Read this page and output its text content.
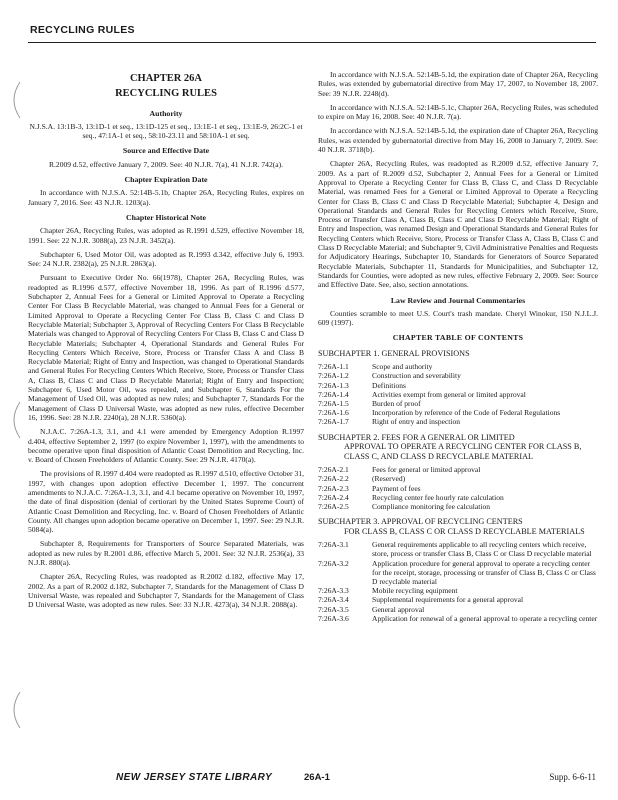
RECYCLING RULES
CHAPTER 26A
RECYCLING RULES
Authority

N.J.S.A. 13:1B-3, 13:1D-1 et seq., 13:1D-125 et seq., 13:1E-1 et seq., 13:1E-9, 26:2C-1 et seq., 47:1A-1 et seq., 58:10-23.11 and 58:10A-1 et seq.

Source and Effective Date

R.2009 d.52, effective January 7, 2009. See: 40 N.J.R. 7(a), 41 N.J.R. 742(a).

Chapter Expiration Date

In accordance with N.J.S.A. 52:14B-5.1b, Chapter 26A, Recycling Rules, expires on January 7, 2016. See: 43 N.J.R. 1203(a).

Chapter Historical Note

Chapter 26A, Recycling Rules, was adopted as R.1991 d.529, effective November 18, 1991. See: 22 N.J.R. 3088(a), 23 N.J.R. 3452(a).

Subchapter 6, Used Motor Oil, was adopted as R.1993 d.342, effective July 6, 1993. See: 24 N.J.R. 2382(a), 25 N.J.R. 2863(a).

Pursuant to Executive Order No. 66(1978), Chapter 26A, Recycling Rules, was readopted as R.1996 d.577, effective November 18, 1996. As part of R.1996 d.577, Subchapter 2, Annual Fees for a General or Limited Approval to Operate a Recycling Center For Class B Recyclable Material, was changed to Annual Fees for a General or Limited Approval to Operate a Recycling Center For Class B, Class C and Class D Recyclable Material; Subchapter 3, Approval of Recycling Centers For Class B Recyclable Materials was changed to Approval of Recycling Centers For Class B, Class C and Class D Recyclable Materials; Subchapter 4, Operational Standards and General Rules For Recycling Centers Which Receive, Store, Process or Transfer Class A and Class B Recyclable Material; Right of Entry and Inspection, was changed to Operational Standards and General Rules For Recycling Centers Which Receive, Store, Process or Transfer Class A, Class B, Class C and Class D Recyclable Material; Right of Entry and Inspection; Subchapter 6, Used Motor Oil, was repealed, and Subchapter 6, Standards For the Management of Used Oil, was adopted as new rules; and Subchapter 7, Standards For the Management of Class D Universal Waste, was adopted as new rules, effective December 16, 1996. See: 28 N.J.R. 2240(a), 28 N.J.R. 5360(a).

N.J.A.C. 7:26A-1.3, 3.1, and 4.1 were amended by Emergency Adoption R.1997 d.404, effective September 2, 1997 (to expire November 1, 1997), with the amendments to become operative upon final disposition of Atlantic Coast Demolition and Recycling, Inc. v. Board of Chosen Freeholders of Atlantic County. See: 29 N.J.R. 4170(a).

The provisions of R.1997 d.404 were readopted as R.1997 d.510, effective October 31, 1997, with changes upon adoption effective December 1, 1997. The concurrent amendments to N.J.A.C. 7:26A-1.3, 3.1, and 4.1 became operative on November 10, 1997, the date of final disposition (denial of certiorari by the United States Supreme Court) of Atlantic Coast Demolition and Recycling, Inc. v. Board of Chosen Freeholders of Atlantic County. All changes upon adoption became operative on December 1, 1997. See: 29 N.J.R. 5084(a).

Subchapter 8, Requirements for Transporters of Source Separated Materials, was adopted as new rules by R.2001 d.86, effective March 5, 2001. See: 32 N.J.R. 2536(a), 33 N.J.R. 880(a).

Chapter 26A, Recycling Rules, was readopted as R.2002 d.182, effective May 17, 2002. As a part of R.2002 d.182, Subchapter 7, Standards for the Management of Class D Universal Waste, was repealed and Subchapter 7, Standards for the Management of Class D Universal Waste, was adopted as new rules. See: 33 N.J.R. 4273(a), 34 N.J.R. 2088(a).

In accordance with N.J.S.A. 52:14B-5.1d, the expiration date of Chapter 26A, Recycling Rules, was extended by gubernatorial directive from May 17, 2007, to November 18, 2007. See: 39 N.J.R. 2248(d).

In accordance with N.J.S.A. 52:14B-5.1c, Chapter 26A, Recycling Rules, was scheduled to expire on May 16, 2008. See: 40 N.J.R. 7(a).

In accordance with N.J.S.A. 52:14B-5.1d, the expiration date of Chapter 26A, Recycling Rules, was extended by gubernatorial directive from May 16, 2008 to January 7, 2009. See: 40 N.J.R. 3718(b).

Chapter 26A, Recycling Rules, was readopted as R.2009 d.52, effective January 7, 2009. As a part of R.2009 d.52, Subchapter 2, Annual Fees for a General or Limited Approval to Operate a Recycling Center for Class B, Class C, and Class D Recyclable Material, was renamed Fees for a General or Limited Approval to Operate a Recycling Center for Class B, Class C and Class D Recyclable Material; Subchapter 4, Design and Operational Standards and General Rules for Recycling Centers which Receive, Store, Process or Transfer Class A, Class B, Class C and Class D Recyclable Material; Right of Entry and Inspection, was renamed Design and Operational Standards and General Rules for Recycling Centers which Receive, Store, Process or Transfer Class A, Class B, Class C and Class D Recyclable Material; and Subchapter 9, Civil Administrative Penalties and Requests for Adjudicatory Hearings, Subchapter 10, Standards for Generators of Source Separated Recyclable Materials, Subchapter 11, Standards for Municipalities, and Subchapter 12, Standards for Counties, were adopted as new rules, effective February 2, 2009. See: Source and Effective Date. See, also, section annotations.

Law Review and Journal Commentaries

Counties scramble to meet U.S. Court's trash mandate. Cheryl Winokur, 150 N.J.L.J. 609 (1997).

CHAPTER TABLE OF CONTENTS
SUBCHAPTER 1. GENERAL PROVISIONS
7:26A-1.1	Scope and authority
7:26A-1.2	Construction and severability
7:26A-1.3	Definitions
7:26A-1.4	Activities exempt from general or limited approval
7:26A-1.5	Burden of proof
7:26A-1.6	Incorporation by reference of the Code of Federal Regulations
7:26A-1.7	Right of entry and inspection
SUBCHAPTER 2. FEES FOR A GENERAL OR LIMITED
APPROVAL TO OPERATE A RECYCLING CENTER FOR CLASS B, CLASS C, AND CLASS D RECYCLABLE MATERIAL
7:26A-2.1	Fees for general or limited approval
7:26A-2.2	(Reserved)
7:26A-2.3	Payment of fees
7:26A-2.4	Recycling center fee hourly rate calculation
7:26A-2.5	Compliance monitoring fee calculation
SUBCHAPTER 3. APPROVAL OF RECYCLING CENTERS
FOR CLASS B, CLASS C OR CLASS D RECYCLABLE MATERIALS
7:26A-3.1	General requirements applicable to all recycling centers which receive, store, process or transfer Class B, Class C or Class D recyclable material
7:26A-3.2	Application procedure for general approval to operate a recycling center for the receipt, storage, processing or transfer of Class B, Class C or Class D recyclable material
7:26A-3.3	Mobile recycling equipment
7:26A-3.4	Supplemental requirements for a general approval
7:26A-3.5	General approval
7:26A-3.6	Application for renewal of a general approval to operate a recycling center
NEW JERSEY STATE LIBRARY	26A-1	Supp. 6-6-11
